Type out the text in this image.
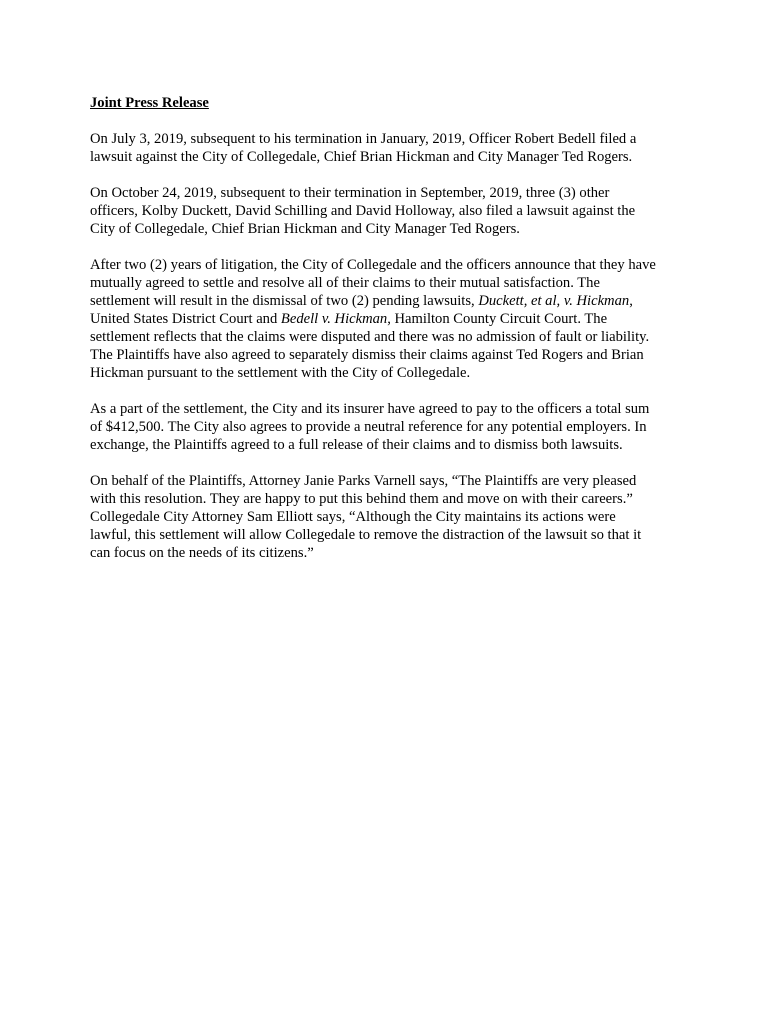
Joint Press Release
On July 3, 2019, subsequent to his termination in January, 2019, Officer Robert Bedell filed a
lawsuit against the City of Collegedale, Chief Brian Hickman and City Manager Ted Rogers.
On October 24, 2019, subsequent to their termination in September, 2019, three (3) other
officers, Kolby Duckett, David Schilling and David Holloway, also filed a lawsuit against the
City of Collegedale, Chief Brian Hickman and City Manager Ted Rogers.
After two (2) years of litigation, the City of Collegedale and the officers announce that they have
mutually agreed to settle and resolve all of their claims to their mutual satisfaction. The
settlement will result in the dismissal of two (2) pending lawsuits, Duckett, et al, v. Hickman,
United States District Court and Bedell v. Hickman, Hamilton County Circuit Court. The
settlement reflects that the claims were disputed and there was no admission of fault or liability.
The Plaintiffs have also agreed to separately dismiss their claims against Ted Rogers and Brian
Hickman pursuant to the settlement with the City of Collegedale.
As a part of the settlement, the City and its insurer have agreed to pay to the officers a total sum
of $412,500. The City also agrees to provide a neutral reference for any potential employers. In
exchange, the Plaintiffs agreed to a full release of their claims and to dismiss both lawsuits.
On behalf of the Plaintiffs, Attorney Janie Parks Varnell says, “The Plaintiffs are very pleased
with this resolution. They are happy to put this behind them and move on with their careers.”
Collegedale City Attorney Sam Elliott says, “Although the City maintains its actions were
lawful, this settlement will allow Collegedale to remove the distraction of the lawsuit so that it
can focus on the needs of its citizens.”
